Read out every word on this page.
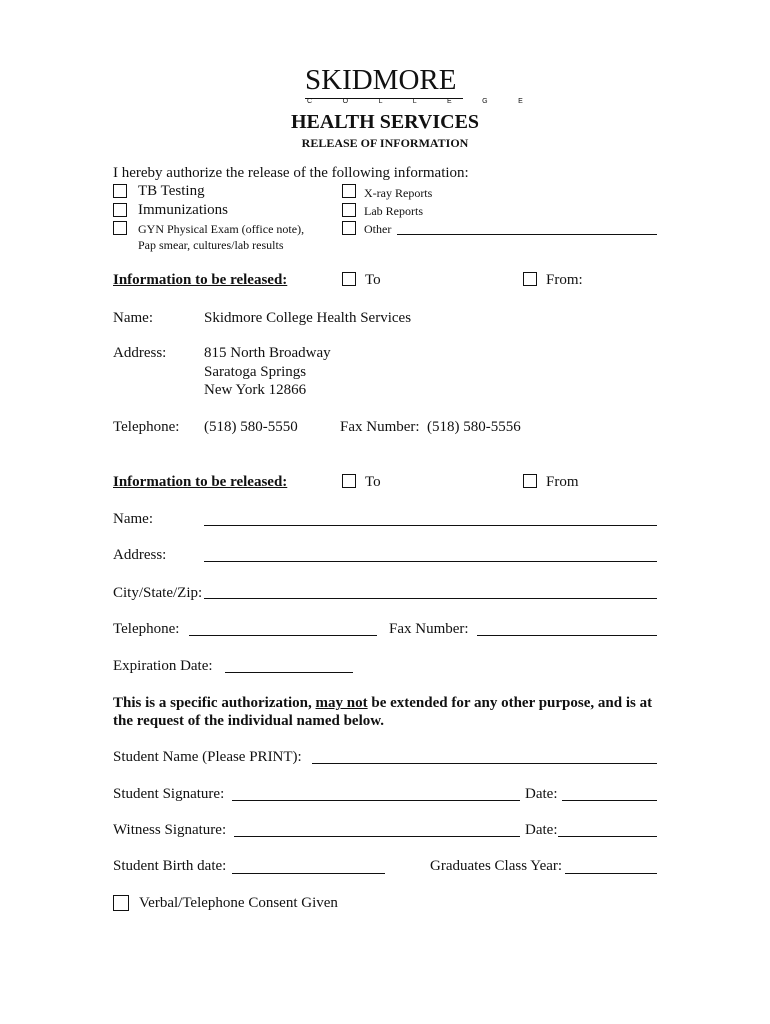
SKIDMORE
C O L L E G E
HEALTH SERVICES
RELEASE OF INFORMATION
I hereby authorize the release of the following information:
TB Testing
Immunizations
GYN Physical Exam (office note),
Pap smear, cultures/lab results
X-ray Reports
Lab Reports
Other
Information to be released:	To	From:
Name:	Skidmore College Health Services
Address:	815 North Broadway
Saratoga Springs
New York 12866
Telephone: (518) 580-5550	Fax Number: (518) 580-5556
Information to be released:	To	From
Name:
Address:
City/State/Zip:
Telephone:	Fax Number:
Expiration Date:
This is a specific authorization, may not be extended for any other purpose, and is at
the request of the individual named below.
Student Name (Please PRINT):
Student Signature:	Date:
Witness Signature:	Date:
Student Birth date:	Graduates Class Year:
Verbal/Telephone Consent Given
